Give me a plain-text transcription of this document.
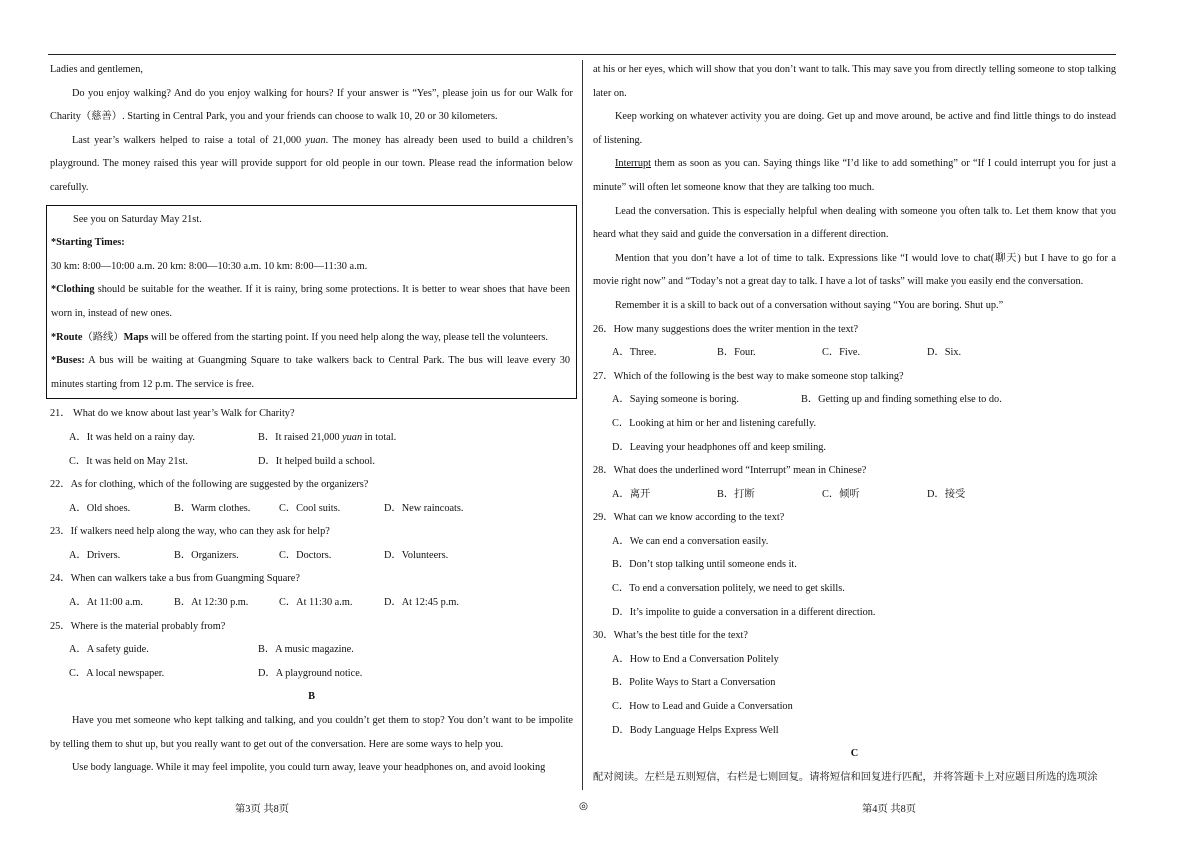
Ladies and gentlemen,

Do you enjoy walking? And do you enjoy walking for hours? If your answer is “Yes”, please join us for our Walk for Charity（慈善）. Starting in Central Park, you and your friends can choose to walk 10, 20 or 30 kilometers.

Last year’s walkers helped to raise a total of 21,000 yuan. The money has already been used to build a children’s playground. The money raised this year will provide support for old people in our town. Please read the information below carefully.

See you on Saturday May 21st.

*Starting Times:

30 km: 8:00—10:00 a.m. 20 km: 8:00—10:30 a.m. 10 km: 8:00—11:30 a.m.

*Clothing should be suitable for the weather. If it is rainy, bring some protections. It is better to wear shoes that have been worn in, instead of new ones.

*Route（路线）Maps will be offered from the starting point. If you need help along the way, please tell the volunteers.

*Buses: A bus will be waiting at Guangming Square to take walkers back to Central Park. The bus will leave every 30 minutes starting from 12 p.m. The service is free.

21． What do we know about last year’s Walk for Charity?

A．It was held on a rainy day.	B．It raised 21,000 yuan in total.
C．It was held on May 21st.	D．It helped build a school.

22．As for clothing, which of the following are suggested by the organizers?

A．Old shoes.	B．Warm clothes.	C．Cool suits.	D．New raincoats.

23．If walkers need help along the way, who can they ask for help?

A．Drivers.	B．Organizers.	C．Doctors.	D．Volunteers.

24．When can walkers take a bus from Guangming Square?

A．At 11:00 a.m.	B．At 12:30 p.m.	C．At 11:30 a.m.	D．At 12:45 p.m.

25．Where is the material probably from?

A．A safety guide.	B．A music magazine.
C．A local newspaper.	D．A playground notice.

B

Have you met someone who kept talking and talking, and you couldn’t get them to stop? You don’t want to be impolite by telling them to shut up, but you really want to get out of the conversation. Here are some ways to help you.

Use body language. While it may feel impolite, you could turn away, leave your headphones on, and avoid looking

at his or her eyes, which will show that you don’t want to talk. This may save you from directly telling someone to stop talking later on.

Keep working on whatever activity you are doing. Get up and move around, be active and find little things to do instead of listening.

Interrupt them as soon as you can. Saying things like “I’d like to add something” or “If I could interrupt you for just a minute” will often let someone know that they are talking too much.

Lead the conversation. This is especially helpful when dealing with someone you often talk to. Let them know that you heard what they said and guide the conversation in a different direction.

Mention that you don’t have a lot of time to talk. Expressions like “I would love to chat(聊天) but I have to go for a movie right now” and “Today’s not a great day to talk. I have a lot of tasks” will make you easily end the conversation.

Remember it is a skill to back out of a conversation without saying “You are boring. Shut up.”

26．How many suggestions does the writer mention in the text?

A．Three.	B．Four.	C．Five.	D．Six.

27．Which of the following is the best way to make someone stop talking?

A．Saying someone is boring.	B．Getting up and finding something else to do.

C．Looking at him or her and listening carefully.

D．Leaving your headphones off and keep smiling.

28．What does the underlined word “Interrupt” mean in Chinese?

A．离开	B．打断	C．倾听	D．接受

29．What can we know according to the text?

A．We can end a conversation easily.

B．Don’t stop talking until someone ends it.

C．To end a conversation politely, we need to get skills.

D．It’s impolite to guide a conversation in a different direction.

30．What’s the best title for the text?

A．How to End a Conversation Politely

B．Polite Ways to Start a Conversation

C．How to Lead and Guide a Conversation

D．Body Language Helps Express Well

C

配对阅读。左栏是五则短信，右栏是七则回复。请将短信和回复进行匹配，并将答题卡上对应题目所选的选项涂

第3页 共8页	◎	第4页 共8页
